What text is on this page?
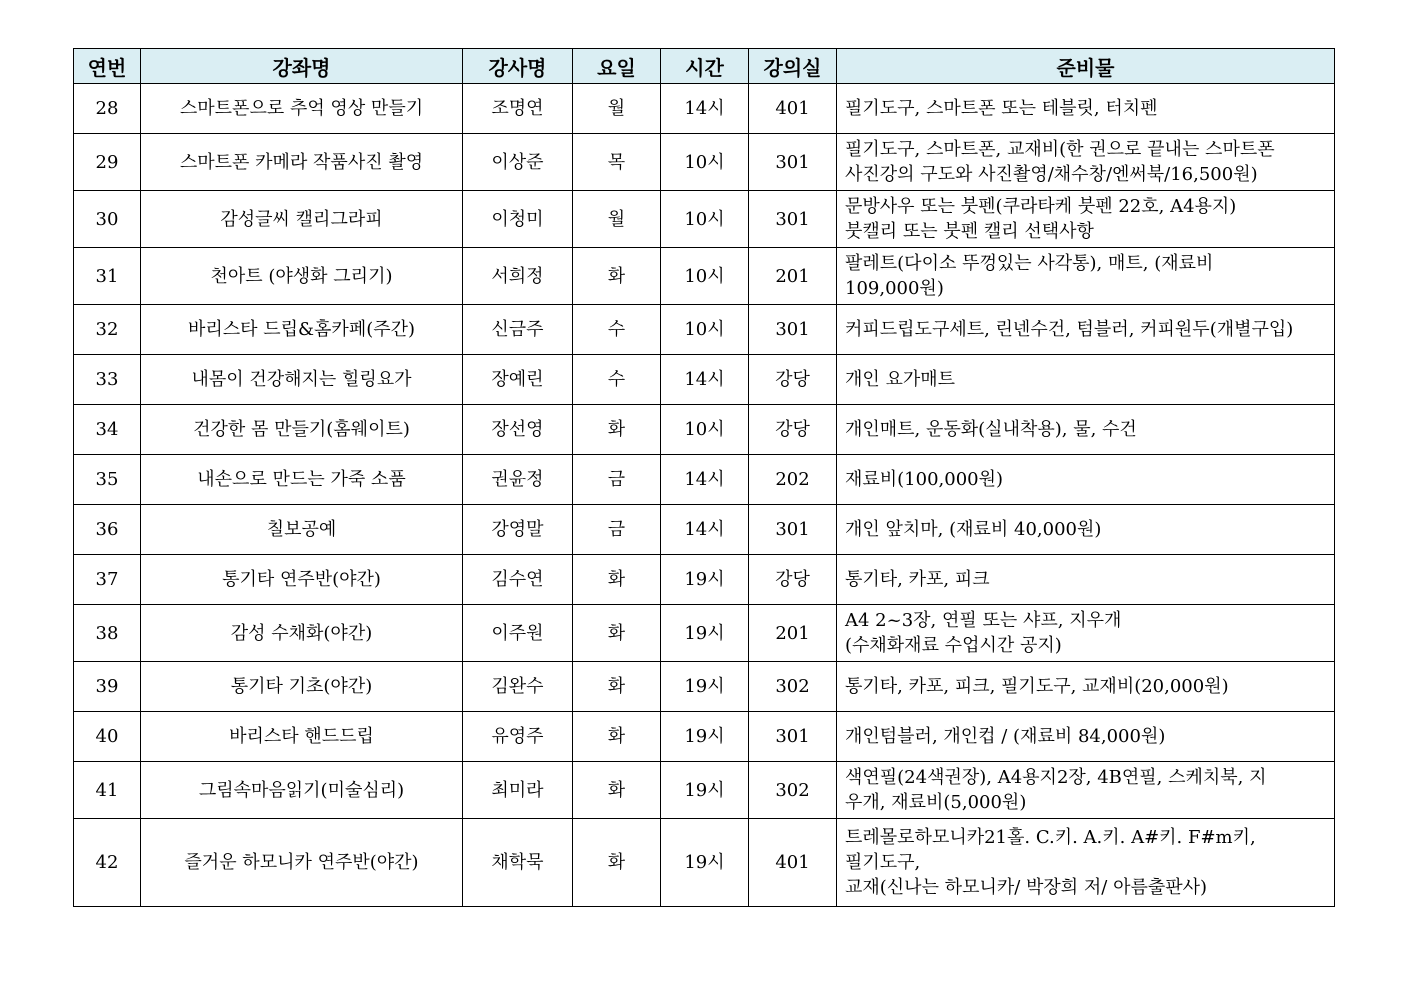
연번	강좌명	강사명	요일	시간	강의실	준비물
28	스마트폰으로 추억 영상 만들기	조명연	월	14시	401	필기도구, 스마트폰 또는 테블릿, 터치펜
29	스마트폰 카메라 작품사진 촬영	이상준	목	10시	301	필기도구, 스마트폰, 교재비(한 권으로 끝내는 스마트폰
사진강의 구도와 사진촬영/채수창/엔써북/16,500원)
30	감성글씨 캘리그라피	이청미	월	10시	301	문방사우 또는 붓펜(쿠라타케 붓펜 22호, A4용지)
붓캘리 또는 붓펜 캘리 선택사항
31	천아트 (야생화 그리기)	서희정	화	10시	201	팔레트(다이소 뚜껑있는 사각통), 매트, (재료비
109,000원)
32	바리스타 드립&홈카페(주간)	신금주	수	10시	301	커피드립도구세트, 린넨수건, 텀블러, 커피원두(개별구입)
33	내몸이 건강해지는 힐링요가	장예린	수	14시	강당	개인 요가매트
34	건강한 몸 만들기(홈웨이트)	장선영	화	10시	강당	개인매트, 운동화(실내착용), 물, 수건
35	내손으로 만드는 가죽 소품	권윤정	금	14시	202	재료비(100,000원)
36	칠보공예	강영말	금	14시	301	개인 앞치마, (재료비 40,000원)
37	통기타 연주반(야간)	김수연	화	19시	강당	통기타, 카포, 피크
38	감성 수채화(야간)	이주원	화	19시	201	A4 2~3장, 연필 또는 샤프, 지우개
(수채화재료 수업시간 공지)
39	통기타 기초(야간)	김완수	화	19시	302	통기타, 카포, 피크, 필기도구, 교재비(20,000원)
40	바리스타 핸드드립	유영주	화	19시	301	개인텀블러, 개인컵 / (재료비 84,000원)
41	그림속마음읽기(미술심리)	최미라	화	19시	302	색연필(24색권장), A4용지2장, 4B연필, 스케치북, 지
우개, 재료비(5,000원)
42	즐거운 하모니카 연주반(야간)	채학묵	화	19시	401	트레몰로하모니카21홀. C.키. A.키. A#키. F#m키,
필기도구,
교재(신나는 하모니카/ 박장희 저/ 아름출판사)
